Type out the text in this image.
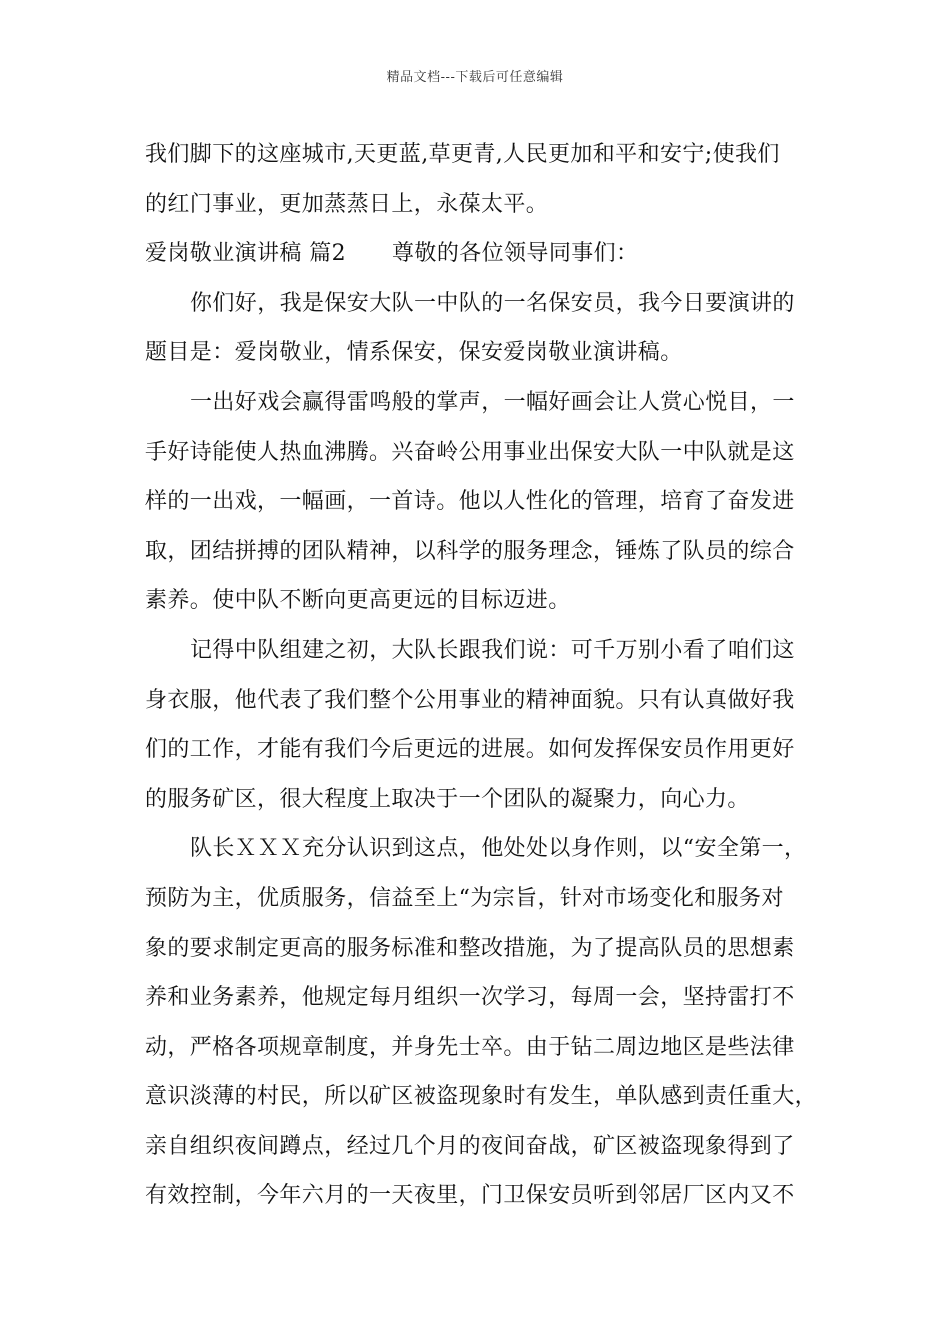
精品文档---下载后可任意编辑
我们脚下的这座城市,天更蓝,草更青,人民更加和平和安宁;使我们
的红门事业，更加蒸蒸日上，永葆太平。
爱岗敬业演讲稿 篇2 尊敬的各位领导同事们：
你们好，我是保安大队一中队的一名保安员，我今日要演讲的
题目是：爱岗敬业，情系保安，保安爱岗敬业演讲稿。
一出好戏会赢得雷鸣般的掌声，一幅好画会让人赏心悦目，一
手好诗能使人热血沸腾。兴奋岭公用事业出保安大队一中队就是这
样的一出戏，一幅画，一首诗。他以人性化的管理，培育了奋发进
取，团结拼搏的团队精神，以科学的服务理念，锤炼了队员的综合
素养。使中队不断向更高更远的目标迈进。
记得中队组建之初，大队长跟我们说：可千万别小看了咱们这
身衣服，他代表了我们整个公用事业的精神面貌。只有认真做好我
们的工作，才能有我们今后更远的进展。如何发挥保安员作用更好
的服务矿区，很大程度上取决于一个团队的凝聚力，向心力。
队长ＸＸＸ充分认识到这点，他处处以身作则，以“安全第一，
预防为主，优质服务，信益至上“为宗旨，针对市场变化和服务对
象的要求制定更高的服务标准和整改措施，为了提高队员的思想素
养和业务素养，他规定每月组织一次学习，每周一会，坚持雷打不
动，严格各项规章制度，并身先士卒。由于钻二周边地区是些法律
意识淡薄的村民，所以矿区被盗现象时有发生，单队感到责任重大，
亲自组织夜间蹲点，经过几个月的夜间奋战，矿区被盗现象得到了
有效控制，今年六月的一天夜里，门卫保安员听到邻居厂区内又不
